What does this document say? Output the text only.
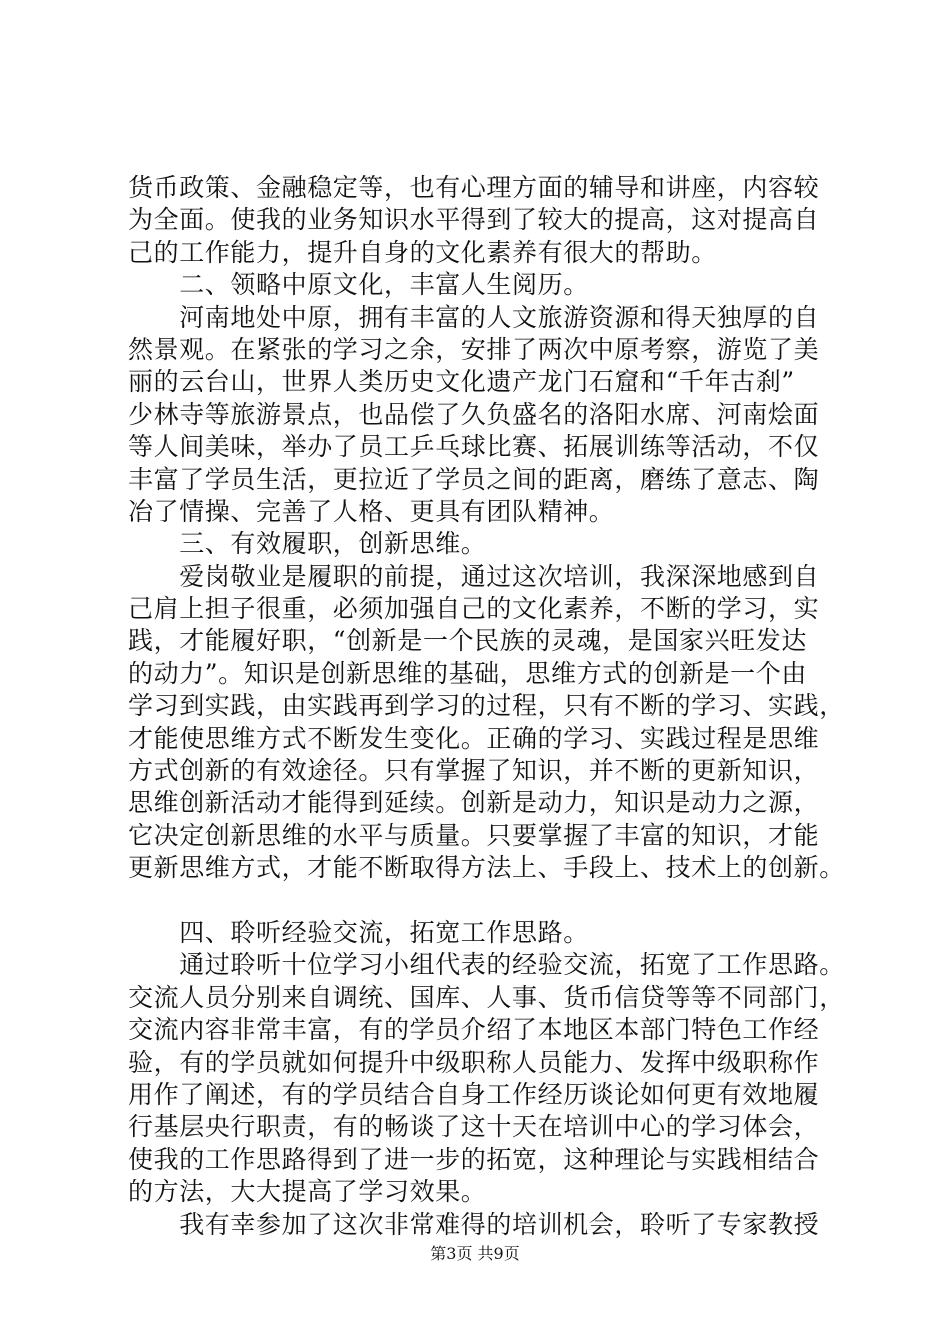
货币政策、金融稳定等，也有心理方面的辅导和讲座，内容较
为全面。使我的业务知识水平得到了较大的提高，这对提高自
己的工作能力，提升自身的文化素养有很大的帮助。
　　二、领略中原文化，丰富人生阅历。
　　河南地处中原，拥有丰富的人文旅游资源和得天独厚的自
然景观。在紧张的学习之余，安排了两次中原考察，游览了美
丽的云台山，世界人类历史文化遗产龙门石窟和“千年古刹”
少林寺等旅游景点，也品偿了久负盛名的洛阳水席、河南烩面
等人间美味，举办了员工乒乓球比赛、拓展训练等活动，不仅
丰富了学员生活，更拉近了学员之间的距离，磨练了意志、陶
冶了情操、完善了人格、更具有团队精神。
　　三、有效履职，创新思维。
　　爱岗敬业是履职的前提，通过这次培训，我深深地感到自
己肩上担子很重，必须加强自己的文化素养，不断的学习，实
践，才能履好职，“创新是一个民族的灵魂，是国家兴旺发达
的动力”。知识是创新思维的基础，思维方式的创新是一个由
学习到实践，由实践再到学习的过程，只有不断的学习、实践，
才能使思维方式不断发生变化。正确的学习、实践过程是思维
方式创新的有效途径。只有掌握了知识，并不断的更新知识，
思维创新活动才能得到延续。创新是动力，知识是动力之源，
它决定创新思维的水平与质量。只要掌握了丰富的知识，才能
更新思维方式，才能不断取得方法上、手段上、技术上的创新。
　　四、聆听经验交流，拓宽工作思路。
　　通过聆听十位学习小组代表的经验交流，拓宽了工作思路。
交流人员分别来自调统、国库、人事、货币信贷等等不同部门，
交流内容非常丰富，有的学员介绍了本地区本部门特色工作经
验，有的学员就如何提升中级职称人员能力、发挥中级职称作
用作了阐述，有的学员结合自身工作经历谈论如何更有效地履
行基层央行职责，有的畅谈了这十天在培训中心的学习体会，
使我的工作思路得到了进一步的拓宽，这种理论与实践相结合
的方法，大大提高了学习效果。
　　我有幸参加了这次非常难得的培训机会，聆听了专家教授
第3页 共9页
